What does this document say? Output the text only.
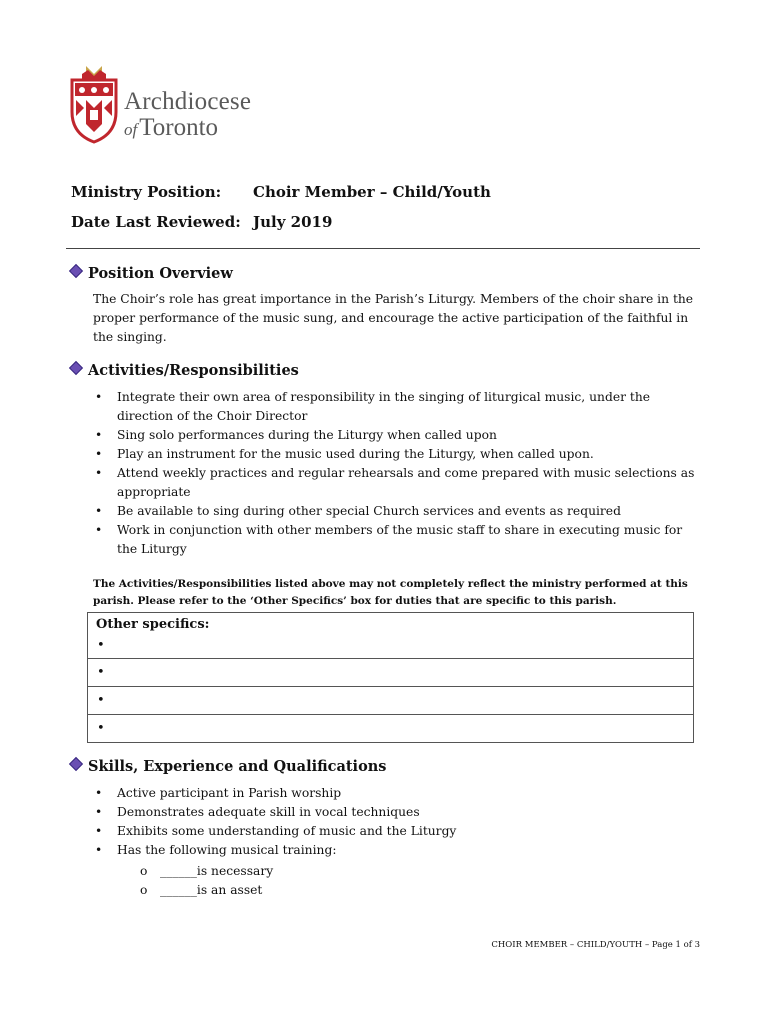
Archdiocese
ofToronto
Ministry Position: Choir Member – Child/Youth
Date Last Reviewed: July 2019
Position Overview
The Choir’s role has great importance in the Parish’s Liturgy. Members of the choir share in the proper performance of the music sung, and encourage the active participation of the faithful in the singing.
Activities/Responsibilities
• Integrate their own area of responsibility in the singing of liturgical music, under the direction of the Choir Director
• Sing solo performances during the Liturgy when called upon
• Play an instrument for the music used during the Liturgy, when called upon.
• Attend weekly practices and regular rehearsals and come prepared with music selections as appropriate
• Be available to sing during other special Church services and events as required
• Work in conjunction with other members of the music staff to share in executing music for the Liturgy
The Activities/Responsibilities listed above may not completely reflect the ministry performed at this parish. Please refer to the ‘Other Specifics’ box for duties that are specific to this parish.
Other specifics:
•
•
•
•
Skills, Experience and Qualifications
• Active participant in Parish worship
• Demonstrates adequate skill in vocal techniques
• Exhibits some understanding of music and the Liturgy
• Has the following musical training:
o ______is necessary
o ______is an asset
CHOIR MEMBER – CHILD/YOUTH – Page 1 of 3
